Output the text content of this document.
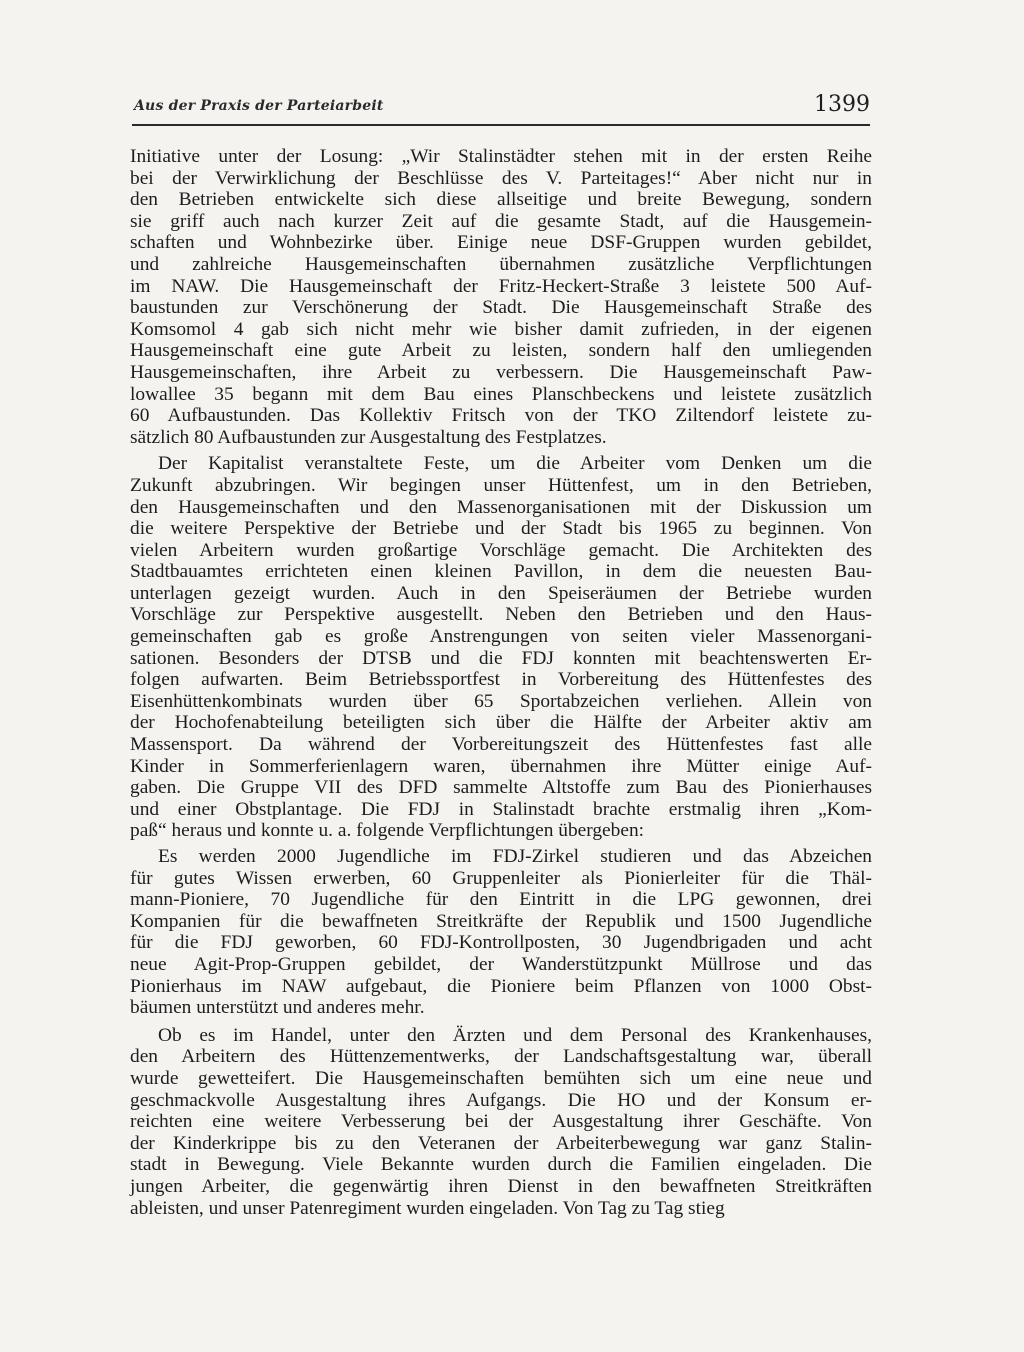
Aus der Praxis der Parteiarbeit	1399
Initiative unter der Losung: „Wir Stalinstädter stehen mit in der ersten Reihe
bei der Verwirklichung der Beschlüsse des V. Parteitages!“ Aber nicht nur in
den Betrieben entwickelte sich diese allseitige und breite Bewegung, sondern
sie griff auch nach kurzer Zeit auf die gesamte Stadt, auf die Hausgemein-
schaften und Wohnbezirke über. Einige neue DSF-Gruppen wurden gebildet,
und zahlreiche Hausgemeinschaften übernahmen zusätzliche Verpflichtungen
im NAW. Die Hausgemeinschaft der Fritz-Heckert-Straße 3 leistete 500 Auf-
baustunden zur Verschönerung der Stadt. Die Hausgemeinschaft Straße des
Komsomol 4 gab sich nicht mehr wie bisher damit zufrieden, in der eigenen
Hausgemeinschaft eine gute Arbeit zu leisten, sondern half den umliegenden
Hausgemeinschaften, ihre Arbeit zu verbessern. Die Hausgemeinschaft Paw-
lowallee 35 begann mit dem Bau eines Planschbeckens und leistete zusätzlich
60 Aufbaustunden. Das Kollektiv Fritsch von der TKO Ziltendorf leistete zu-
sätzlich 80 Aufbaustunden zur Ausgestaltung des Festplatzes.
Der Kapitalist veranstaltete Feste, um die Arbeiter vom Denken um die
Zukunft abzubringen. Wir begingen unser Hüttenfest, um in den Betrieben,
den Hausgemeinschaften und den Massenorganisationen mit der Diskussion um
die weitere Perspektive der Betriebe und der Stadt bis 1965 zu beginnen. Von
vielen Arbeitern wurden großartige Vorschläge gemacht. Die Architekten des
Stadtbauamtes errichteten einen kleinen Pavillon, in dem die neuesten Bau-
unterlagen gezeigt wurden. Auch in den Speiseräumen der Betriebe wurden
Vorschläge zur Perspektive ausgestellt. Neben den Betrieben und den Haus-
gemeinschaften gab es große Anstrengungen von seiten vieler Massenorgani-
sationen. Besonders der DTSB und die FDJ konnten mit beachtenswerten Er-
folgen aufwarten. Beim Betriebssportfest in Vorbereitung des Hüttenfestes des
Eisenhüttenkombinats wurden über 65 Sportabzeichen verliehen. Allein von
der Hochofenabteilung beteiligten sich über die Hälfte der Arbeiter aktiv am
Massensport. Da während der Vorbereitungszeit des Hüttenfestes fast alle
Kinder in Sommerferienlagern waren, übernahmen ihre Mütter einige Auf-
gaben. Die Gruppe VII des DFD sammelte Altstoffe zum Bau des Pionierhauses
und einer Obstplantage. Die FDJ in Stalinstadt brachte erstmalig ihren „Kom-
paß“ heraus und konnte u. a. folgende Verpflichtungen übergeben:
Es werden 2000 Jugendliche im FDJ-Zirkel studieren und das Abzeichen
für gutes Wissen erwerben, 60 Gruppenleiter als Pionierleiter für die Thäl-
mann-Pioniere, 70 Jugendliche für den Eintritt in die LPG gewonnen, drei
Kompanien für die bewaffneten Streitkräfte der Republik und 1500 Jugendliche
für die FDJ geworben, 60 FDJ-Kontrollposten, 30 Jugendbrigaden und acht
neue Agit-Prop-Gruppen gebildet, der Wanderstützpunkt Müllrose und das
Pionierhaus im NAW aufgebaut, die Pioniere beim Pflanzen von 1000 Obst-
bäumen unterstützt und anderes mehr.
Ob es im Handel, unter den Ärzten und dem Personal des Krankenhauses,
den Arbeitern des Hüttenzementwerks, der Landschaftsgestaltung war, überall
wurde gewetteifert. Die Hausgemeinschaften bemühten sich um eine neue und
geschmackvolle Ausgestaltung ihres Aufgangs. Die HO und der Konsum er-
reichten eine weitere Verbesserung bei der Ausgestaltung ihrer Geschäfte. Von
der Kinderkrippe bis zu den Veteranen der Arbeiterbewegung war ganz Stalin-
stadt in Bewegung. Viele Bekannte wurden durch die Familien eingeladen. Die
jungen Arbeiter, die gegenwärtig ihren Dienst in den bewaffneten Streitkräften
ableisten, und unser Patenregiment wurden eingeladen. Von Tag zu Tag stieg
